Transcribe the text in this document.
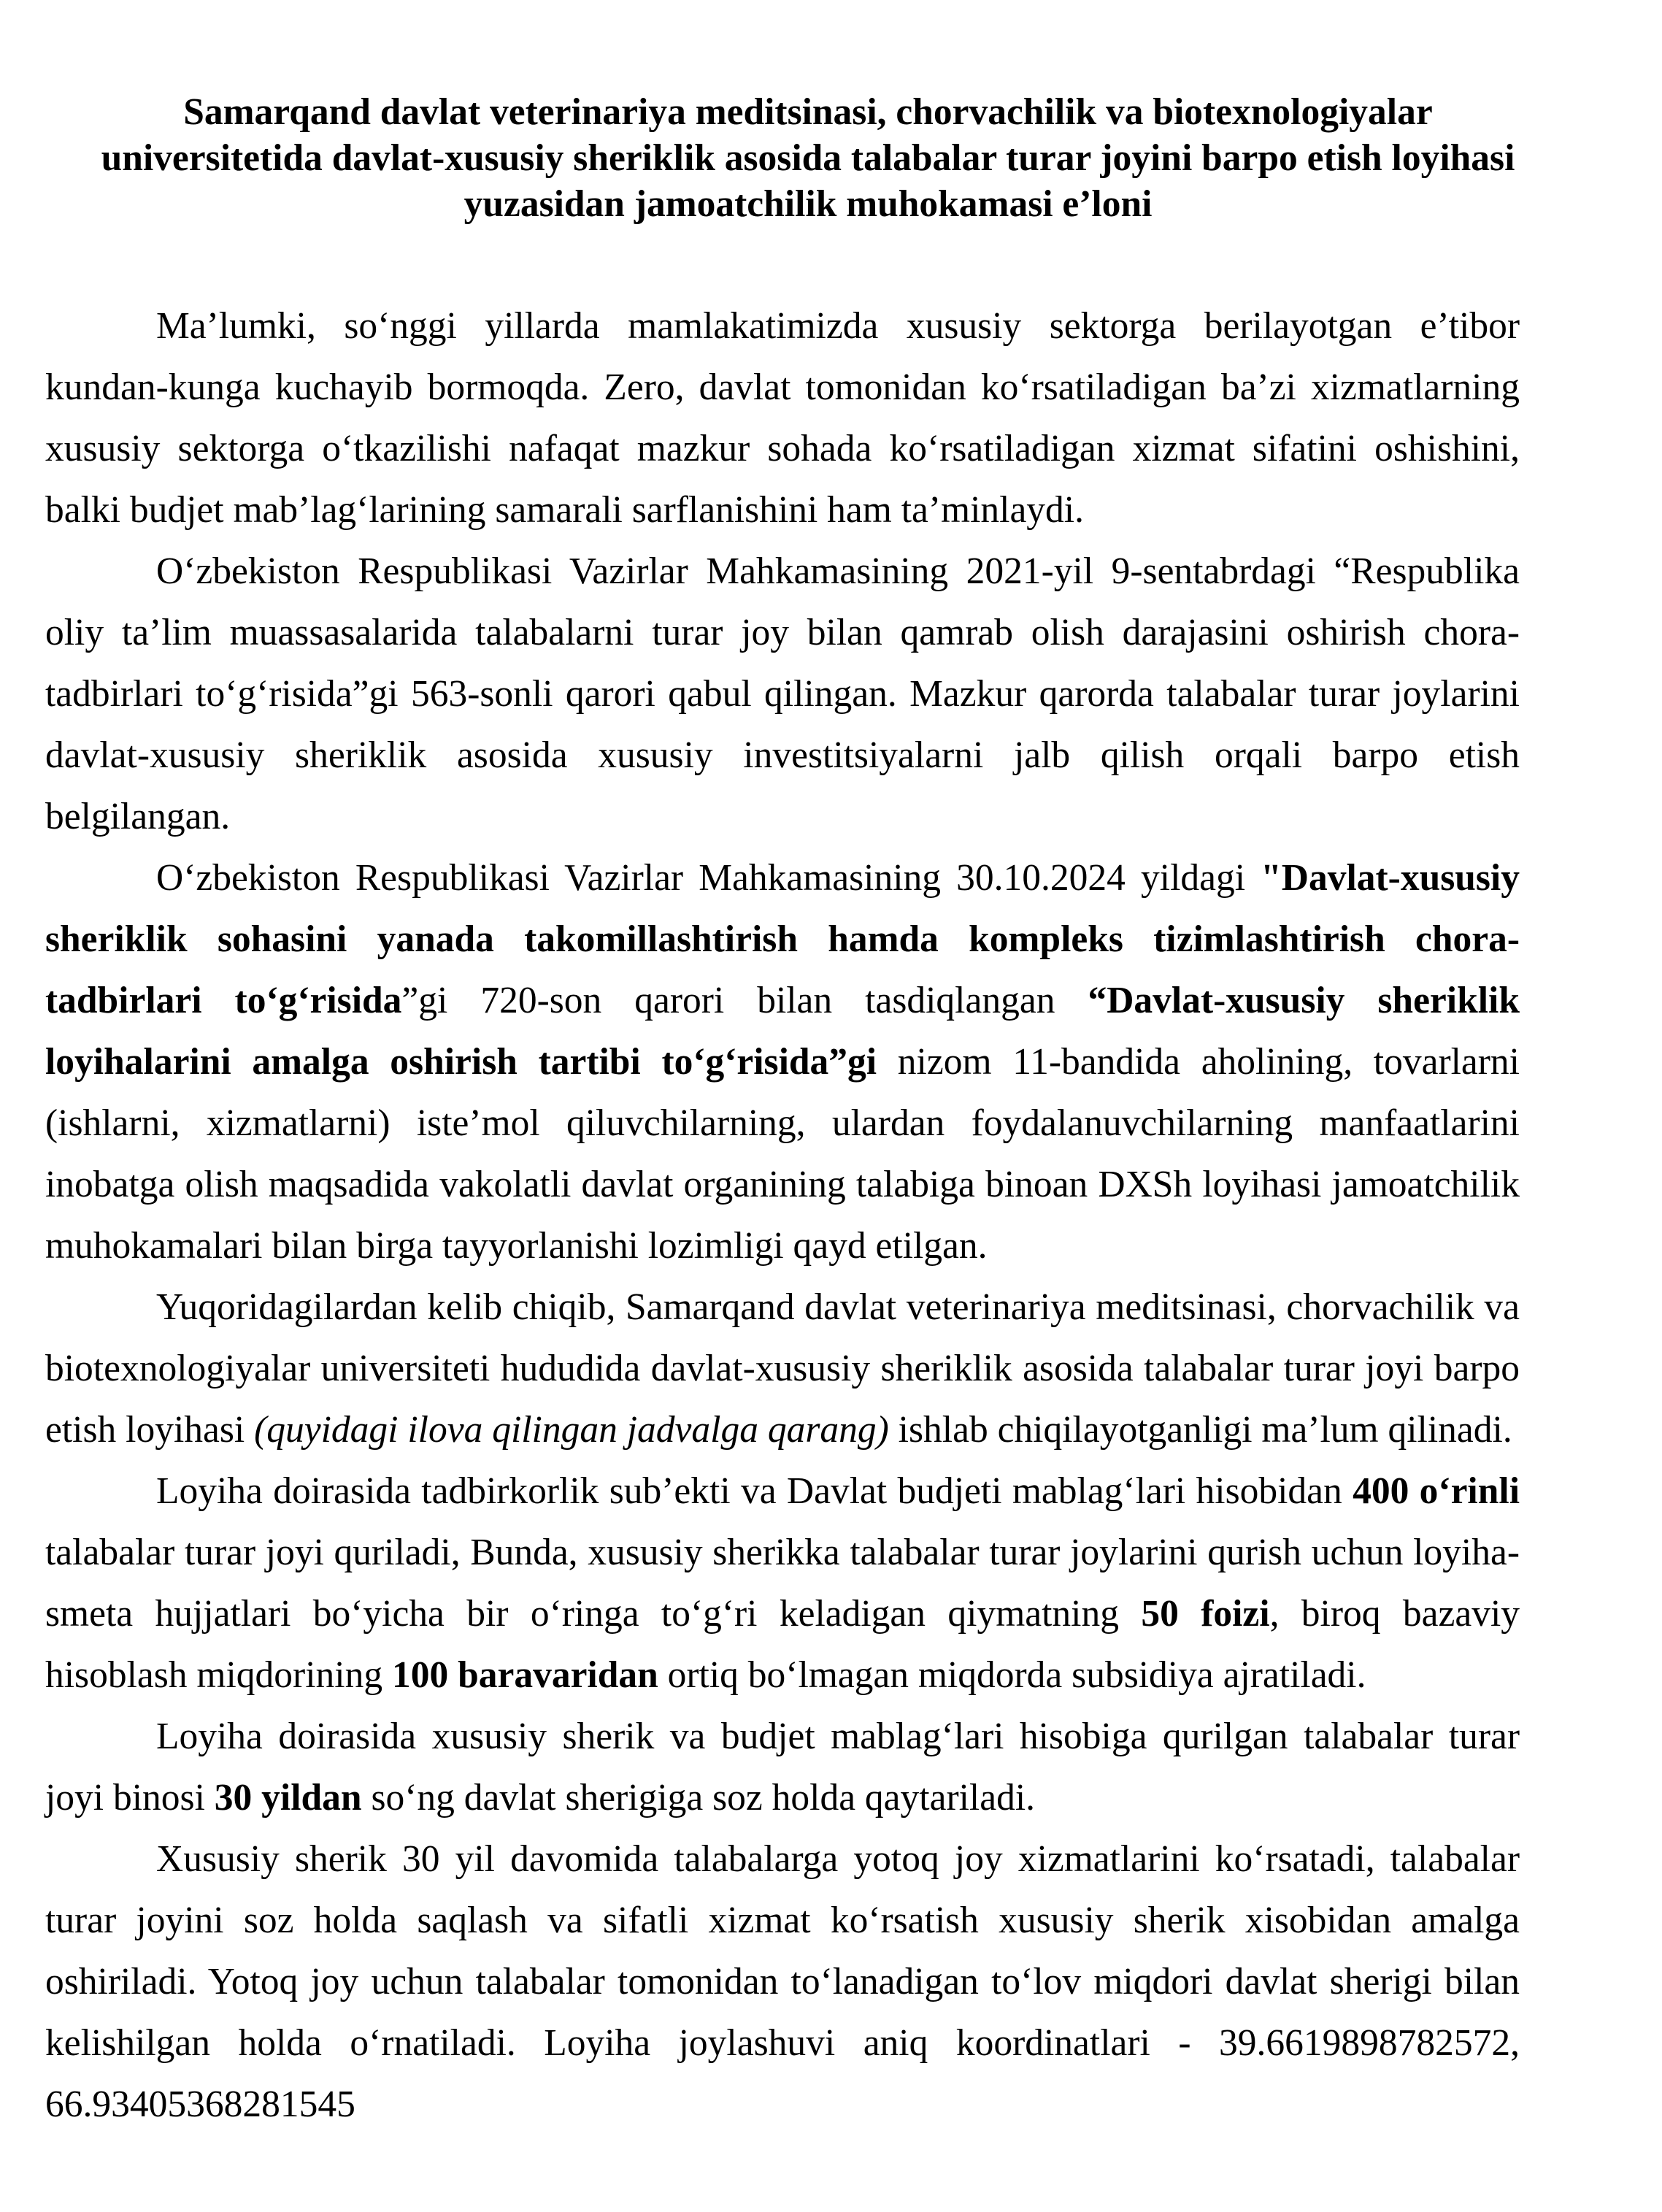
Samarqand davlat veterinariya meditsinasi, chorvachilik va biotexnologiyalar universitetida davlat-xususiy sheriklik asosida talabalar turar joyini barpo etish loyihasi yuzasidan jamoatchilik muhokamasi e’loni

Ma’lumki, so‘nggi yillarda mamlakatimizda xususiy sektorga berilayotgan e’tibor kundan-kunga kuchayib bormoqda. Zero, davlat tomonidan ko‘rsatiladigan ba’zi xizmatlarning xususiy sektorga o‘tkazilishi nafaqat mazkur sohada ko‘rsatiladigan xizmat sifatini oshishini, balki budjet mab’lag‘larining samarali sarflanishini ham ta’minlaydi.

O‘zbekiston Respublikasi Vazirlar Mahkamasining 2021-yil 9-sentabrdagi “Respublika oliy ta’lim muassasalarida talabalarni turar joy bilan qamrab olish darajasini oshirish chora-tadbirlari to‘g‘risida”gi 563-sonli qarori qabul qilingan. Mazkur qarorda talabalar turar joylarini davlat-xususiy sheriklik asosida xususiy investitsiyalarni jalb qilish orqali barpo etish belgilangan.

O‘zbekiston Respublikasi Vazirlar Mahkamasining 30.10.2024 yildagi "Davlat-xususiy sheriklik sohasini yanada takomillashtirish hamda kompleks tizimlashtirish chora-tadbirlari to‘g‘risida”gi 720-son qarori bilan tasdiqlangan “Davlat-xususiy sheriklik loyihalarini amalga oshirish tartibi to‘g‘risida”gi nizom 11-bandida aholining, tovarlarni (ishlarni, xizmatlarni) iste’mol qiluvchilarning, ulardan foydalanuvchilarning manfaatlarini inobatga olish maqsadida vakolatli davlat organining talabiga binoan DXSh loyihasi jamoatchilik muhokamalari bilan birga tayyorlanishi lozimligi qayd etilgan.

Yuqoridagilardan kelib chiqib, Samarqand davlat veterinariya meditsinasi, chorvachilik va biotexnologiyalar universiteti hududida davlat-xususiy sheriklik asosida talabalar turar joyi barpo etish loyihasi (quyidagi ilova qilingan jadvalga qarang) ishlab chiqilayotganligi ma’lum qilinadi.

Loyiha doirasida tadbirkorlik sub’ekti va Davlat budjeti mablag‘lari hisobidan 400 o‘rinli talabalar turar joyi quriladi, Bunda, xususiy sherikka talabalar turar joylarini qurish uchun loyiha-smeta hujjatlari bo‘yicha bir o‘ringa to‘g‘ri keladigan qiymatning 50 foizi, biroq bazaviy hisoblash miqdorining 100 baravaridan ortiq bo‘lmagan miqdorda subsidiya ajratiladi.

Loyiha doirasida xususiy sherik va budjet mablag‘lari hisobiga qurilgan talabalar turar joyi binosi 30 yildan so‘ng davlat sherigiga soz holda qaytariladi.

Xususiy sherik 30 yil davomida talabalarga yotoq joy xizmatlarini ko‘rsatadi, talabalar turar joyini soz holda saqlash va sifatli xizmat ko‘rsatish xususiy sherik xisobidan amalga oshiriladi. Yotoq joy uchun talabalar tomonidan to‘lanadigan to‘lov miqdori davlat sherigi bilan kelishilgan holda o‘rnatiladi. Loyiha joylashuvi aniq koordinatlari - 39.6619898782572, 66.93405368281545
